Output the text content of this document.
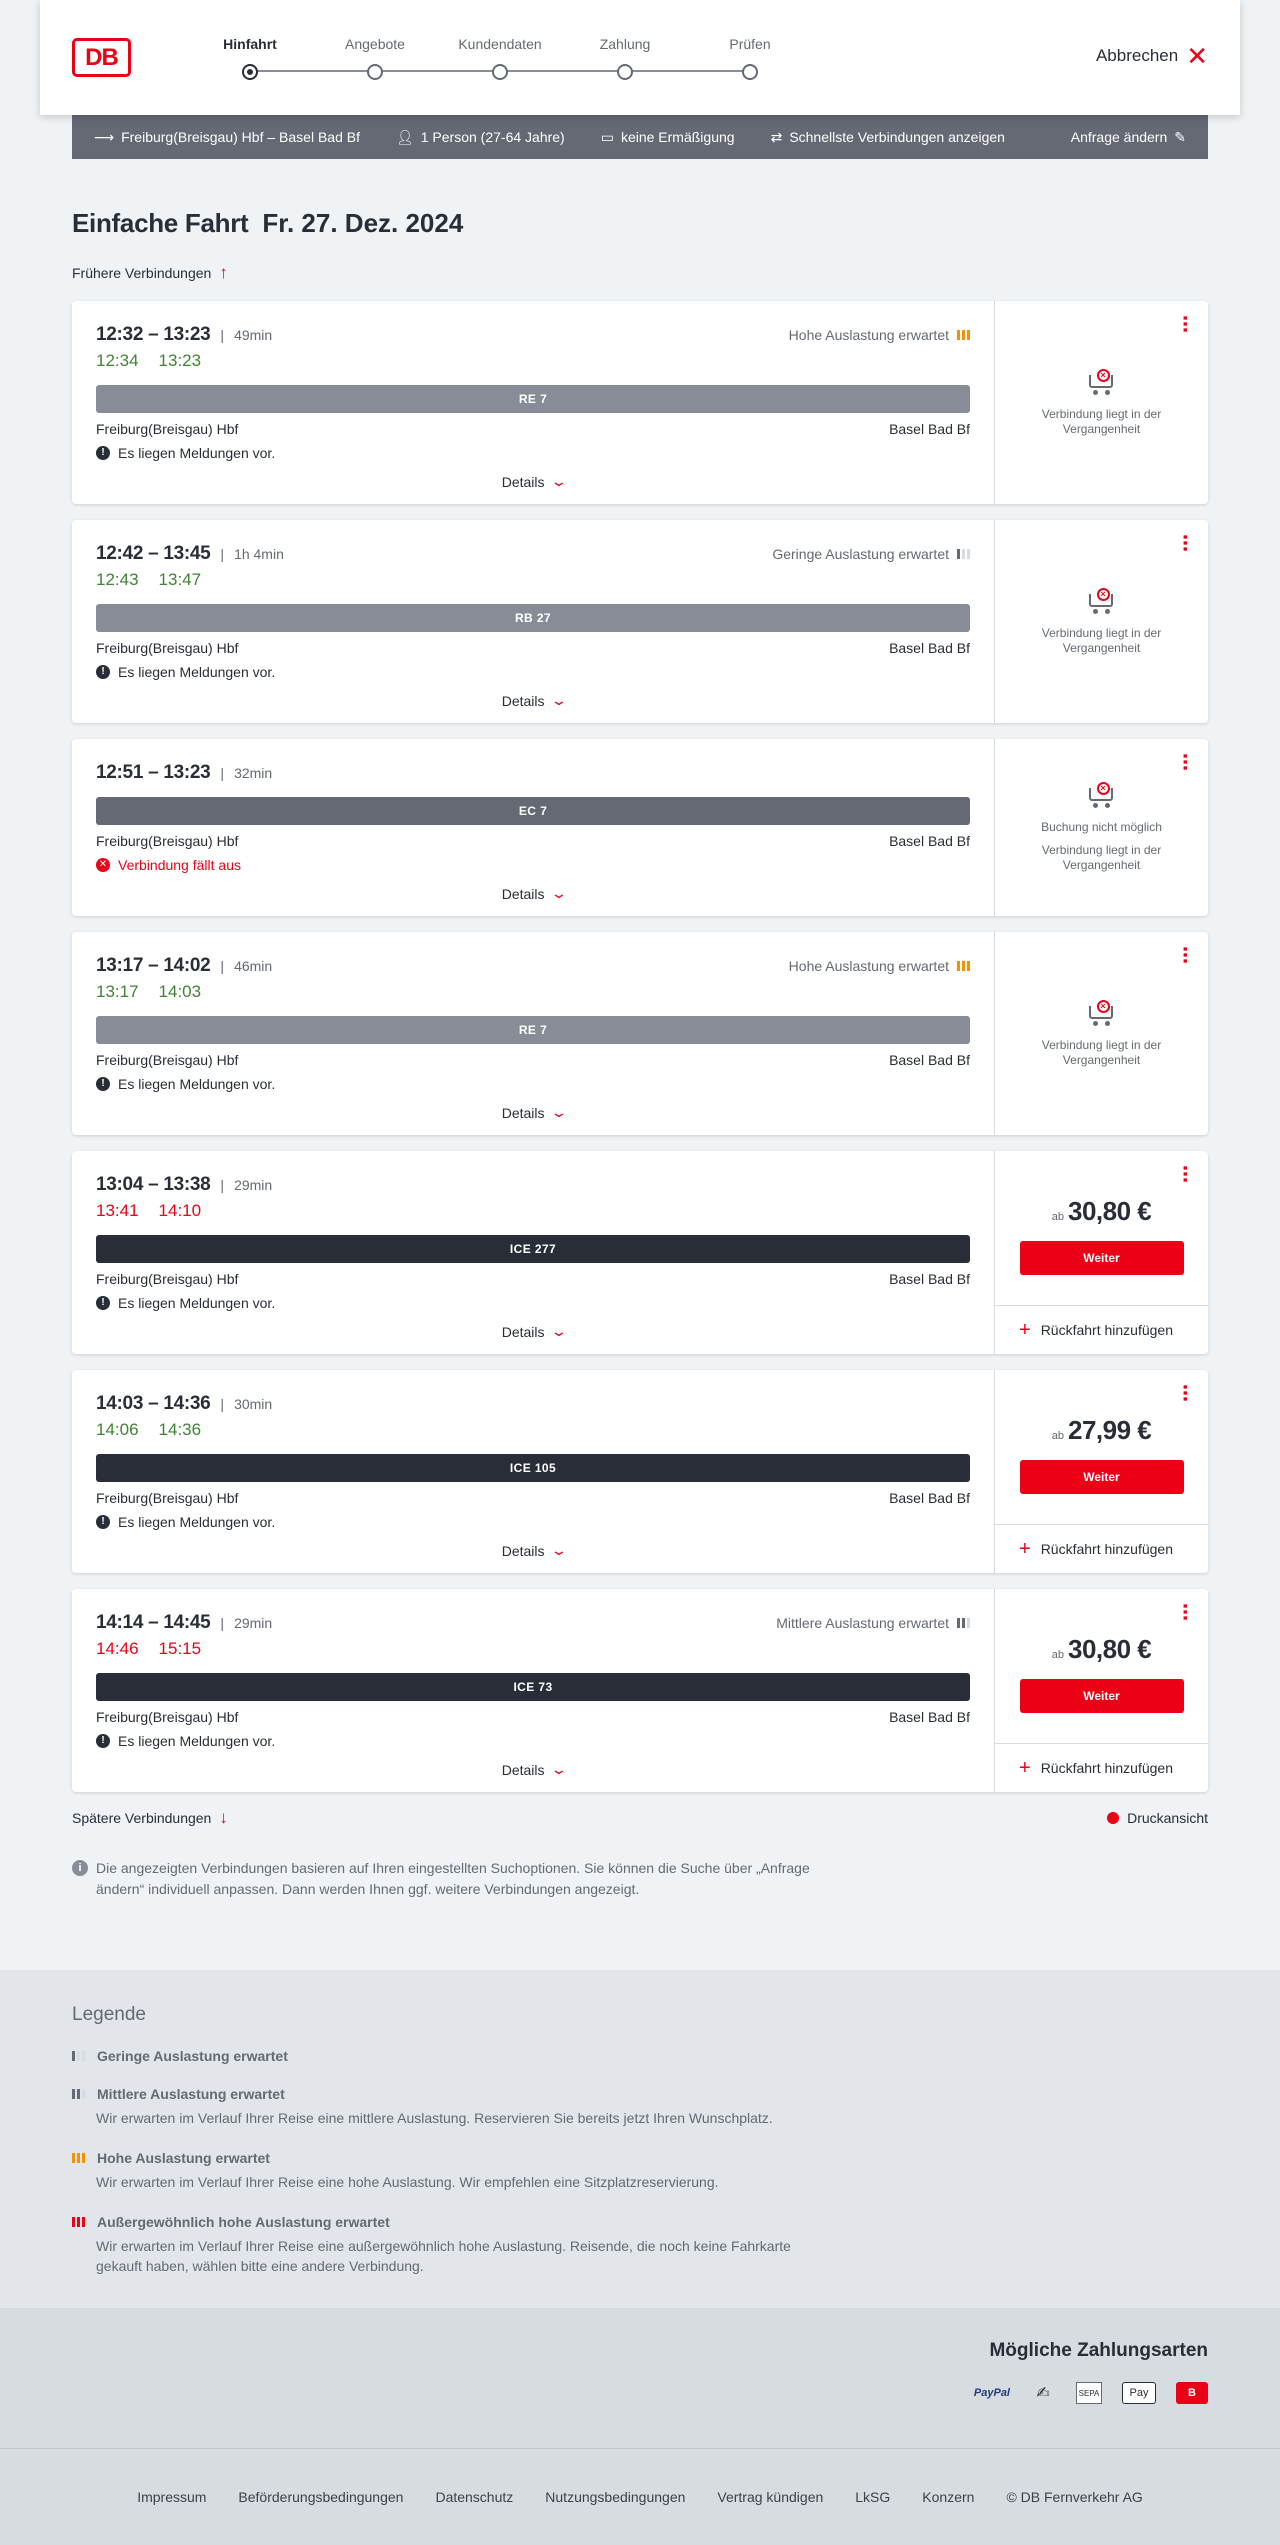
DB	Hinfahrt	Angebote	Kundendaten	Zahlung	Prüfen
Abbrechen ✕
⟶ Freiburg(Breisgau) Hbf – Basel Bad Bf	👤︎ 1 Person (27-64 Jahre)	▭ keine Ermäßigung	⇄ Schnellste Verbindungen anzeigen	Anfrage ändern ✎
Einfache Fahrt Fr. 27. Dez. 2024
Frühere Verbindungen ↑
12:32 – 13:23 | 49min	Hohe Auslastung erwartet
12:34 13:23
RE 7
Freiburg(Breisgau) Hbf	Basel Bad Bf
! Es liegen Meldungen vor.
Details ⌄
⋯
×

Verbindung liegt in der Vergangenheit

12:42 – 13:45 | 1h 4min	Geringe Auslastung erwartet
12:43 13:47
RB 27
Freiburg(Breisgau) Hbf	Basel Bad Bf
! Es liegen Meldungen vor.
Details ⌄
⋯
×

Verbindung liegt in der Vergangenheit

12:51 – 13:23 | 32min
EC 7
Freiburg(Breisgau) Hbf	Basel Bad Bf
✕ Verbindung fällt aus
Details ⌄
⋯
×

Buchung nicht möglich

Verbindung liegt in der Vergangenheit

13:17 – 14:02 | 46min	Hohe Auslastung erwartet
13:17 14:03
RE 7
Freiburg(Breisgau) Hbf	Basel Bad Bf
! Es liegen Meldungen vor.
Details ⌄
⋯
×

Verbindung liegt in der Vergangenheit

13:04 – 13:38 | 29min
13:41 14:10
ICE 277
Freiburg(Breisgau) Hbf	Basel Bad Bf
! Es liegen Meldungen vor.
Details ⌄
⋯
ab 30,80 €
Weiter
+ Rückfahrt hinzufügen
14:03 – 14:36 | 30min
14:06 14:36
ICE 105
Freiburg(Breisgau) Hbf	Basel Bad Bf
! Es liegen Meldungen vor.
Details ⌄
⋯
ab 27,99 €
Weiter
+ Rückfahrt hinzufügen
14:14 – 14:45 | 29min	Mittlere Auslastung erwartet
14:46 15:15
ICE 73
Freiburg(Breisgau) Hbf	Basel Bad Bf
! Es liegen Meldungen vor.
Details ⌄
⋯
ab 30,80 €
Weiter
+ Rückfahrt hinzufügen
Spätere Verbindungen ↓	Druckansicht
i	Die angezeigten Verbindungen basieren auf Ihren eingestellten Suchoptionen. Sie können die Suche über „Anfrage ändern“ individuell anpassen. Dann werden Ihnen ggf. weitere Verbindungen angezeigt.
Legende
Geringe Auslastung erwartet
Mittlere Auslastung erwartet
Wir erwarten im Verlauf Ihrer Reise eine mittlere Auslastung. Reservieren Sie bereits jetzt Ihren Wunschplatz.
Hohe Auslastung erwartet
Wir erwarten im Verlauf Ihrer Reise eine hohe Auslastung. Wir empfehlen eine Sitzplatzreservierung.
Außergewöhnlich hohe Auslastung erwartet
Wir erwarten im Verlauf Ihrer Reise eine außergewöhnlich hohe Auslastung. Reisende, die noch keine Fahrkarte gekauft haben, wählen bitte eine andere Verbindung.
Mögliche Zahlungsarten
PayPal	✍	SEPA	Pay	B
Impressum Beförderungsbedingungen Datenschutz Nutzungsbedingungen Vertrag kündigen LkSG Konzern © DB Fernverkehr AG
